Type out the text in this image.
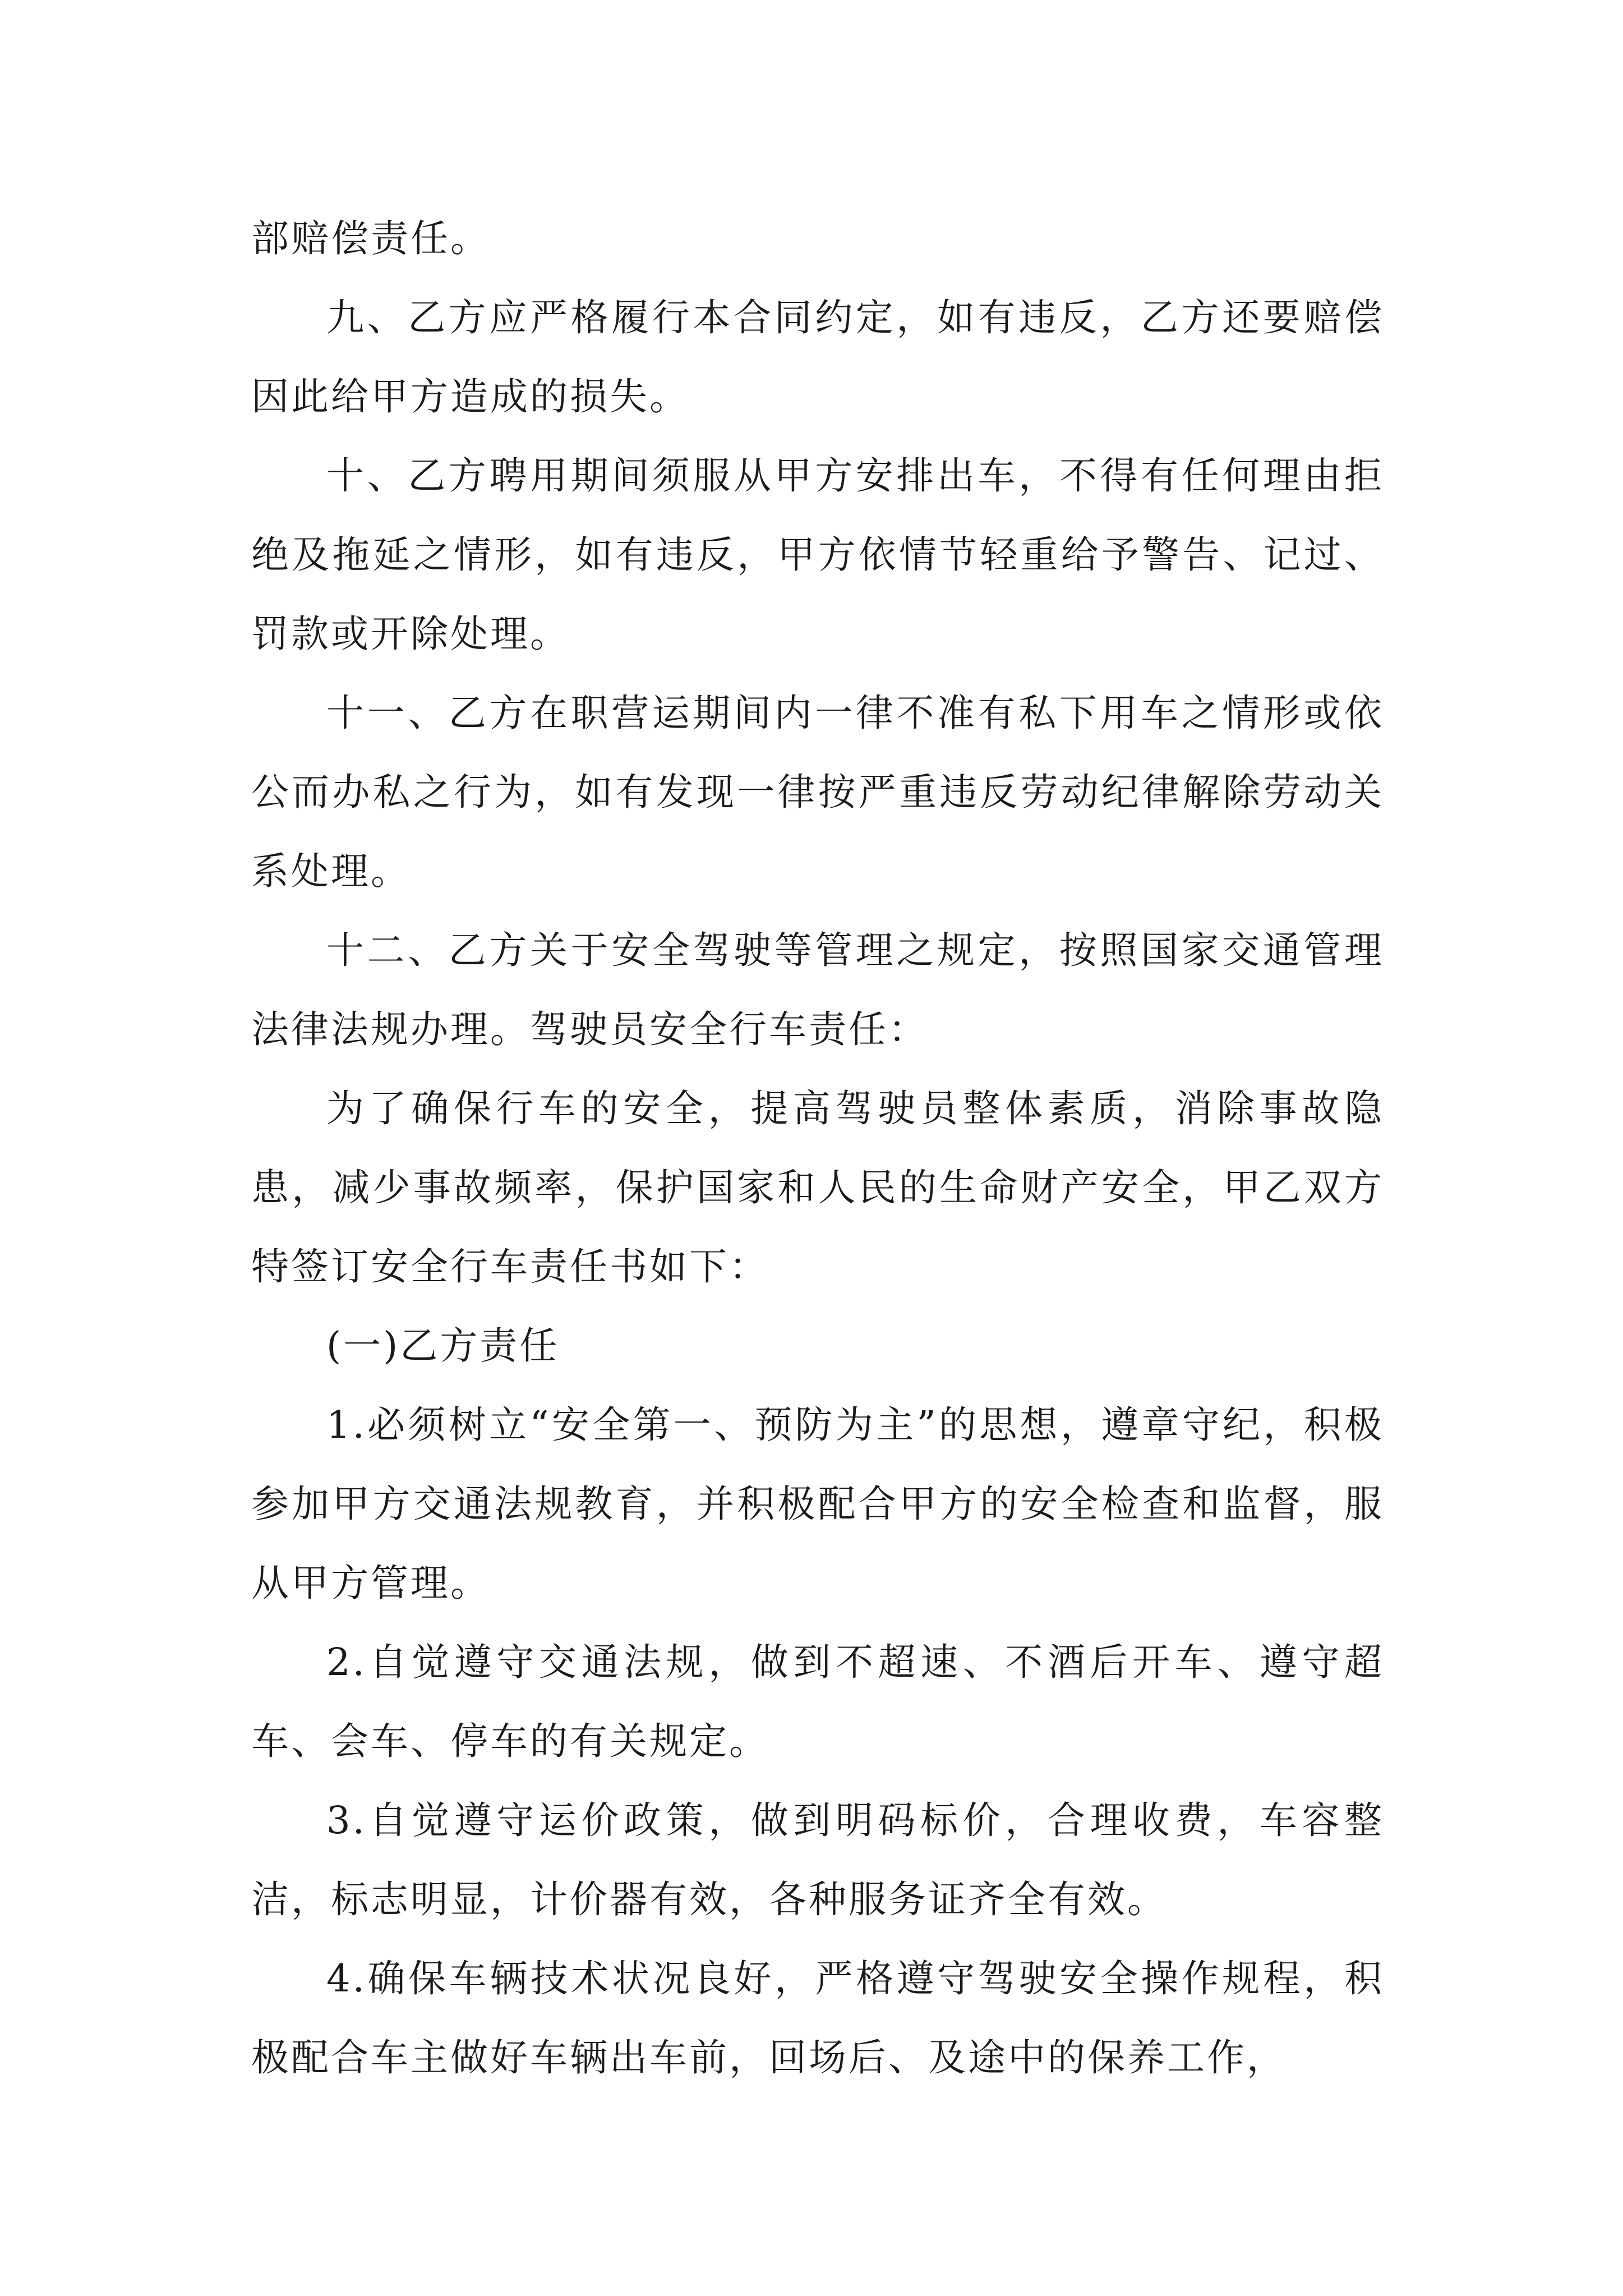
部赔偿责任。

九、乙方应严格履行本合同约定，如有违反，乙方还要赔偿因此给甲方造成的损失。

十、乙方聘用期间须服从甲方安排出车，不得有任何理由拒绝及拖延之情形，如有违反，甲方依情节轻重给予警告、记过、罚款或开除处理。

十一、乙方在职营运期间内一律不准有私下用车之情形或依公而办私之行为，如有发现一律按严重违反劳动纪律解除劳动关系处理。

十二、乙方关于安全驾驶等管理之规定，按照国家交通管理法律法规办理。驾驶员安全行车责任：

为了确保行车的安全，提高驾驶员整体素质，消除事故隐患，减少事故频率，保护国家和人民的生命财产安全，甲乙双方特签订安全行车责任书如下：

(一)乙方责任

1.必须树立“安全第一、预防为主”的思想，遵章守纪，积极参加甲方交通法规教育，并积极配合甲方的安全检查和监督，服从甲方管理。

2.自觉遵守交通法规，做到不超速、不酒后开车、遵守超车、会车、停车的有关规定。

3.自觉遵守运价政策，做到明码标价，合理收费，车容整洁，标志明显，计价器有效，各种服务证齐全有效。

4.确保车辆技术状况良好，严格遵守驾驶安全操作规程，积极配合车主做好车辆出车前，回场后、及途中的保养工作，
